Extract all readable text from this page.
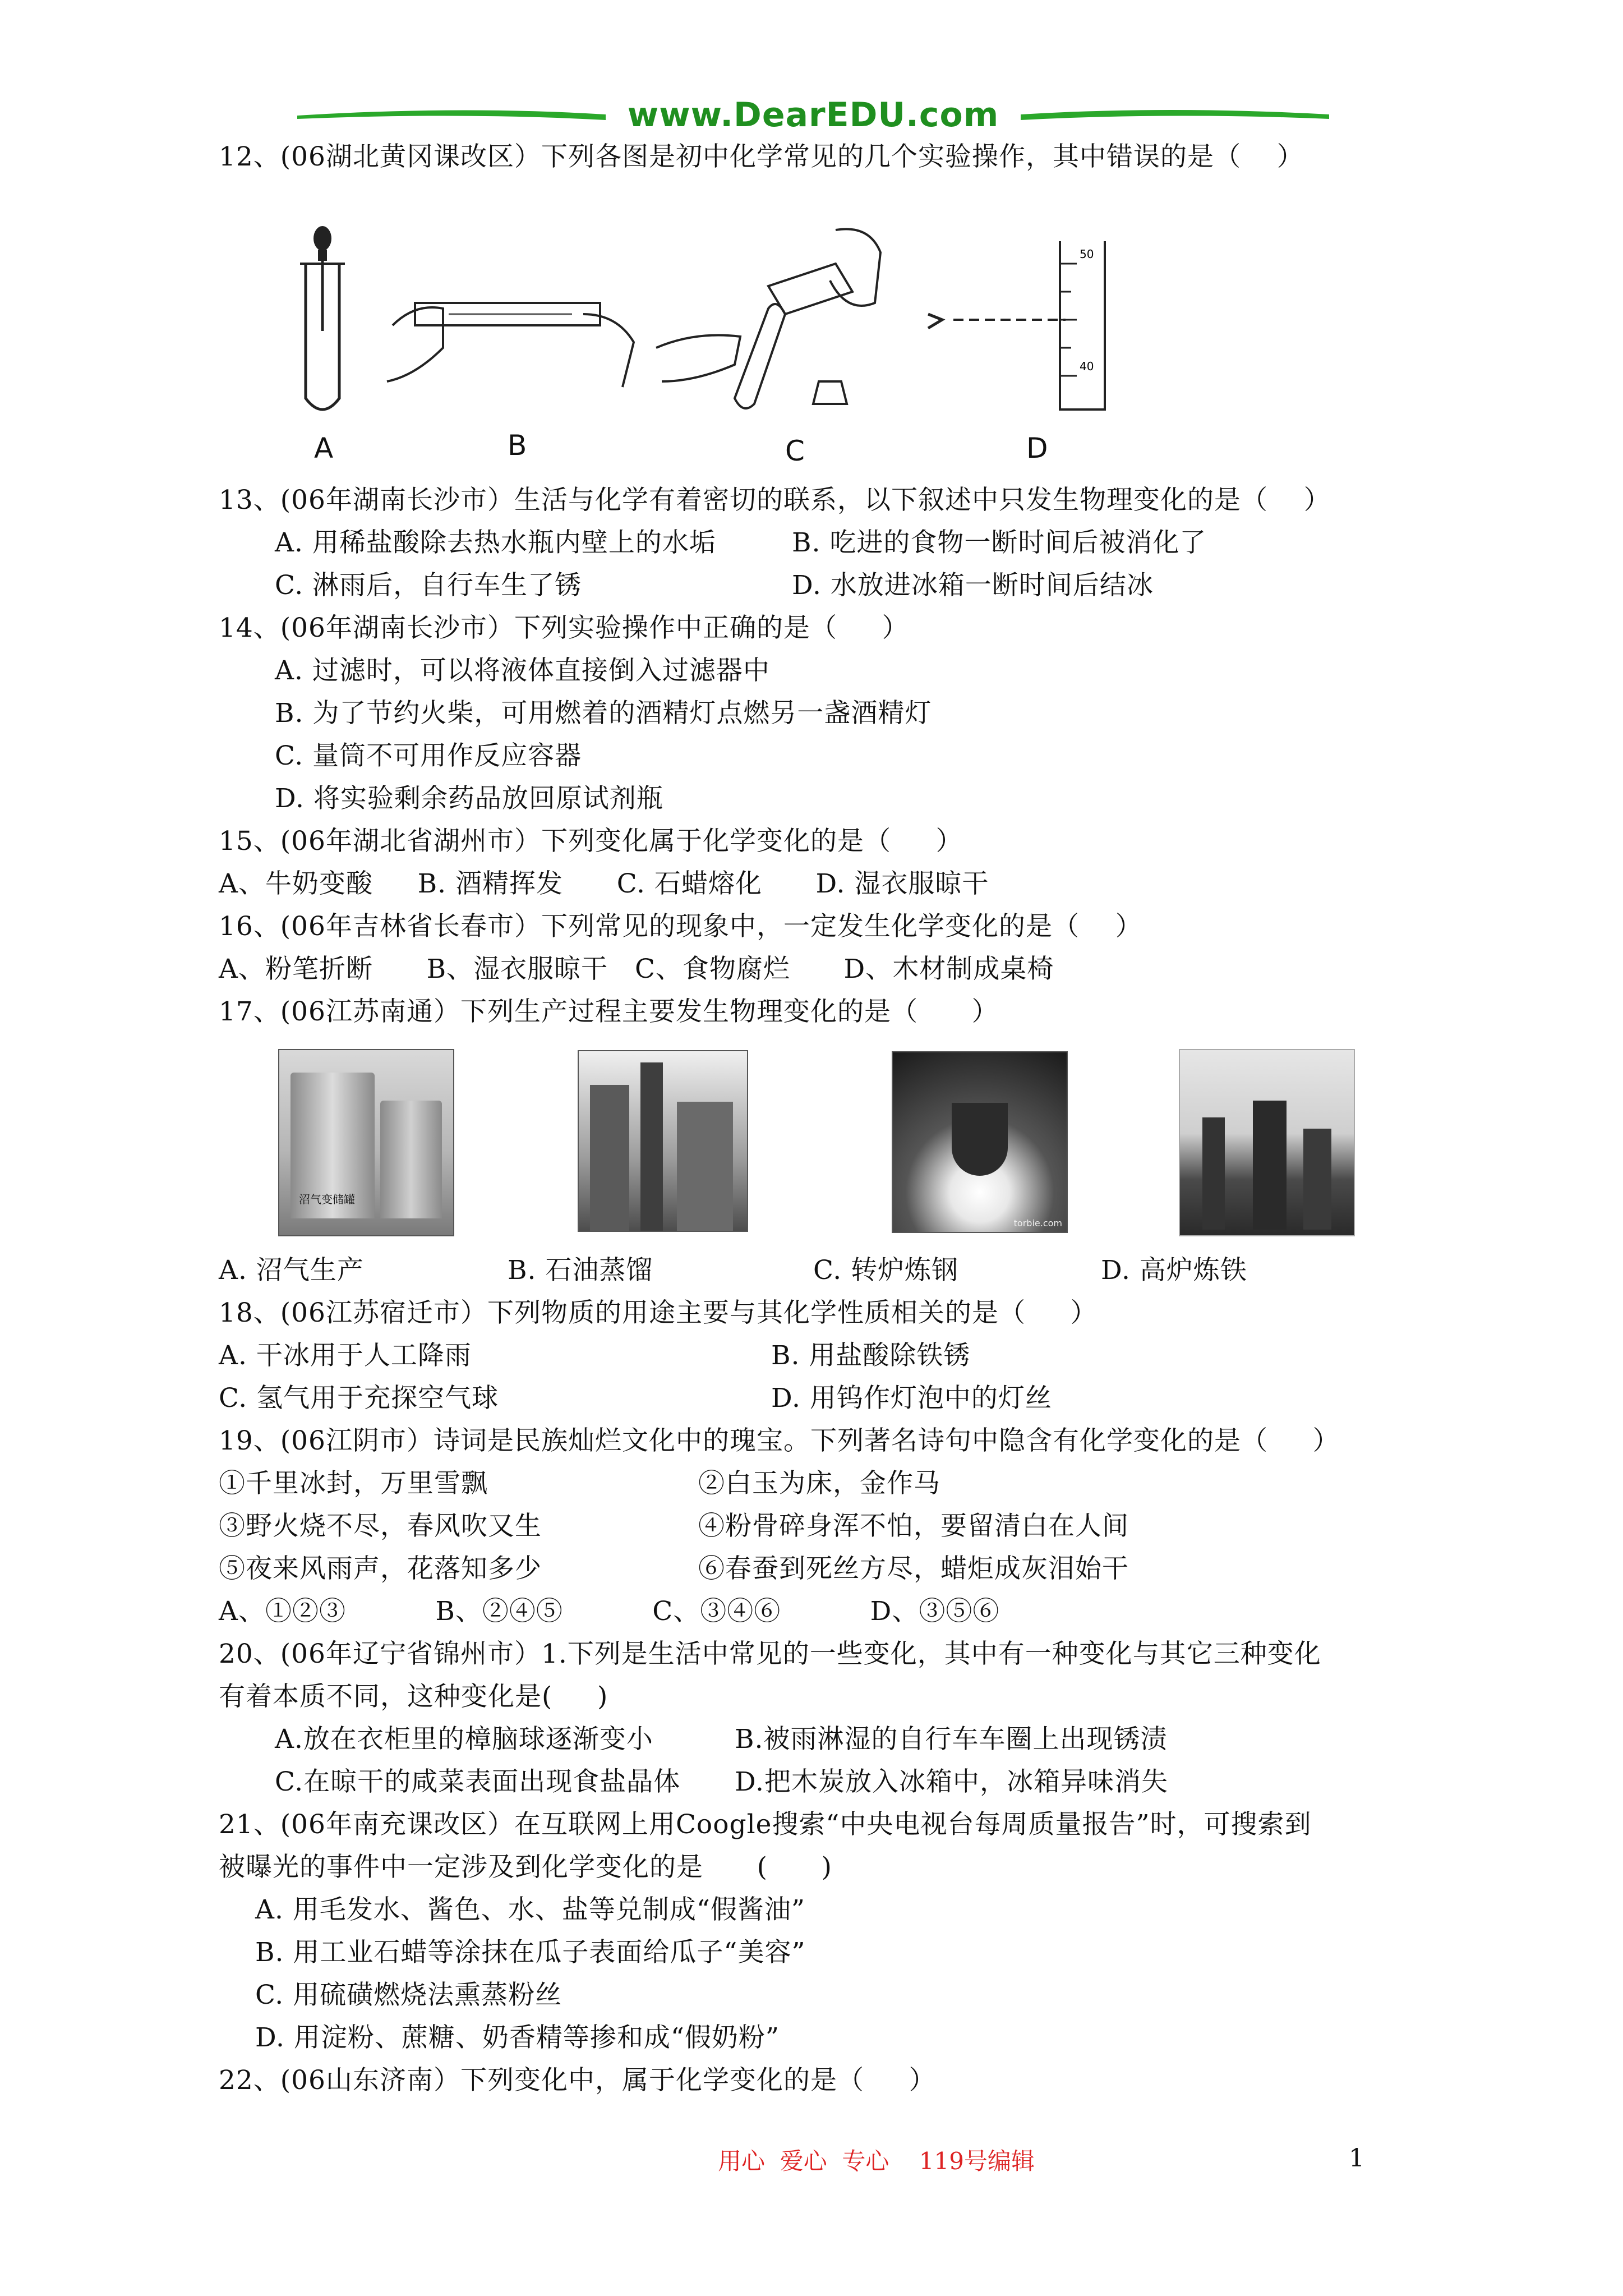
www.DearEDU.com
12、(06湖北黄冈课改区）下列各图是初中化学常见的几个实验操作，其中错误的是（    ）
50
40
A	B	C	D
13、(06年湖南长沙市）生活与化学有着密切的联系，以下叙述中只发生物理变化的是（    ）
A. 用稀盐酸除去热水瓶内壁上的水垢	B. 吃进的食物一断时间后被消化了
C. 淋雨后，自行车生了锈	D. 水放进冰箱一断时间后结冰
14、(06年湖南长沙市）下列实验操作中正确的是（     ）
A. 过滤时，可以将液体直接倒入过滤器中
B. 为了节约火柴，可用燃着的酒精灯点燃另一盏酒精灯
C. 量筒不可用作反应容器
D. 将实验剩余药品放回原试剂瓶
15、(06年湖北省湖州市）下列变化属于化学变化的是（     ）
A、牛奶变酸     B. 酒精挥发      C. 石蜡熔化      D. 湿衣服晾干
16、(06年吉林省长春市）下列常见的现象中，一定发生化学变化的是（    ）
A、粉笔折断      B、湿衣服晾干   C、食物腐烂      D、木材制成桌椅
17、(06江苏南通）下列生产过程主要发生物理变化的是（      ）
沼气变储罐
torbie.com
A. 沼气生产	B. 石油蒸馏	C. 转炉炼钢	D. 高炉炼铁
18、(06江苏宿迁市）下列物质的用途主要与其化学性质相关的是（     ）
A. 干冰用于人工降雨	B. 用盐酸除铁锈
C. 氢气用于充探空气球	D. 用钨作灯泡中的灯丝
19、(06江阴市）诗词是民族灿烂文化中的瑰宝。下列著名诗句中隐含有化学变化的是（     ）
①千里冰封，万里雪飘	②白玉为床，金作马
③野火烧不尽，春风吹又生	④粉骨碎身浑不怕，要留清白在人间
⑤夜来风雨声，花落知多少	⑥春蚕到死丝方尽，蜡炬成灰泪始干
A、①②③          B、②④⑤          C、③④⑥          D、③⑤⑥
20、(06年辽宁省锦州市）1.下列是生活中常见的一些变化，其中有一种变化与其它三种变化
有着本质不同，这种变化是(     )
A.放在衣柜里的樟脑球逐渐变小	B.被雨淋湿的自行车车圈上出现锈渍
C.在晾干的咸菜表面出现食盐晶体 D.把木炭放入冰箱中，冰箱异味消失
21、(06年南充课改区）在互联网上用Coogle搜索“中央电视台每周质量报告”时，可搜索到
被曝光的事件中一定涉及到化学变化的是      (      )
A. 用毛发水、酱色、水、盐等兑制成“假酱油”
B. 用工业石蜡等涂抹在瓜子表面给瓜子“美容”
C. 用硫磺燃烧法熏蒸粉丝
D. 用淀粉、蔗糖、奶香精等掺和成“假奶粉”
22、(06山东济南）下列变化中，属于化学变化的是（     ）
用心  爱心  专心    119号编辑	1
